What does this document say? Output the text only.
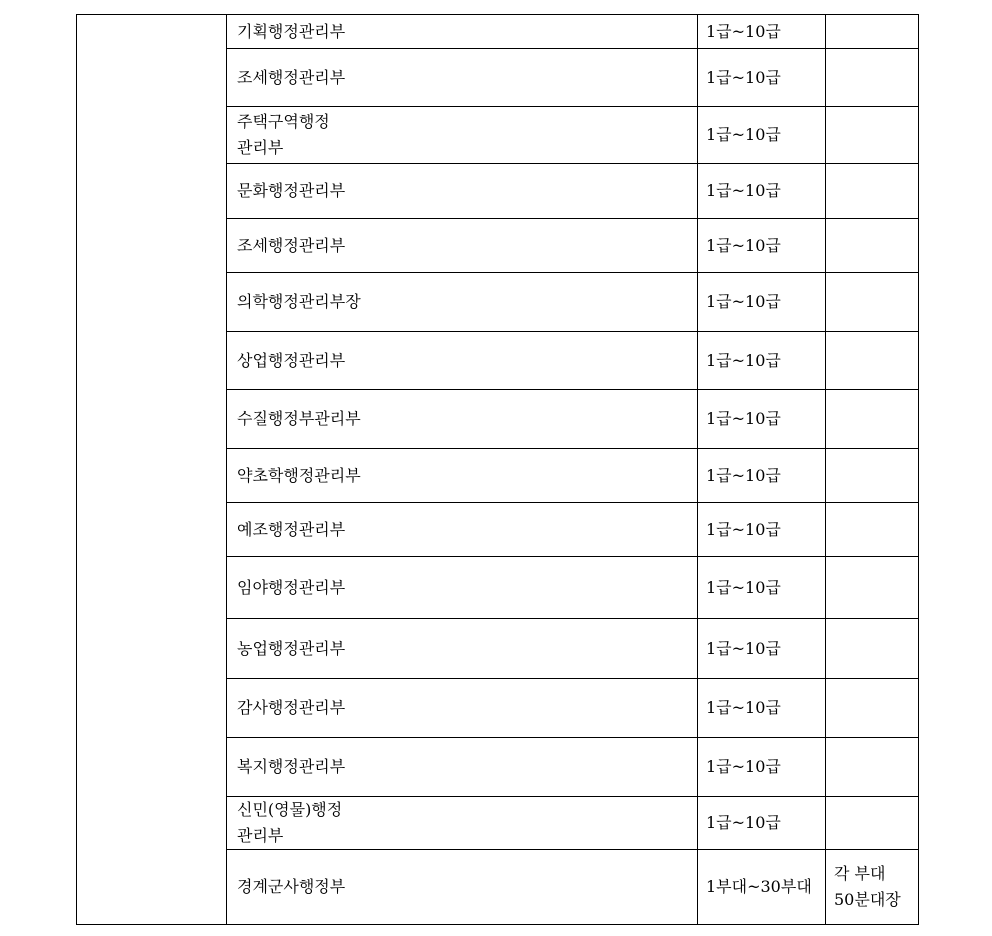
	기획행정관리부	1급~10급	
	조세행정관리부	1급~10급	
	주택구역행정
관리부	1급~10급	
	문화행정관리부	1급~10급	
	조세행정관리부	1급~10급	
	의학행정관리부장	1급~10급	
	상업행정관리부	1급~10급	
	수질행정부관리부	1급~10급	
	약초학행정관리부	1급~10급	
	예조행정관리부	1급~10급	
	임야행정관리부	1급~10급	
	농업행정관리부	1급~10급	
	감사행정관리부	1급~10급	
	복지행정관리부	1급~10급	
	신민(영물)행정
관리부	1급~10급	
	경계군사행정부	1부대~30부대	각 부대
50분대장
